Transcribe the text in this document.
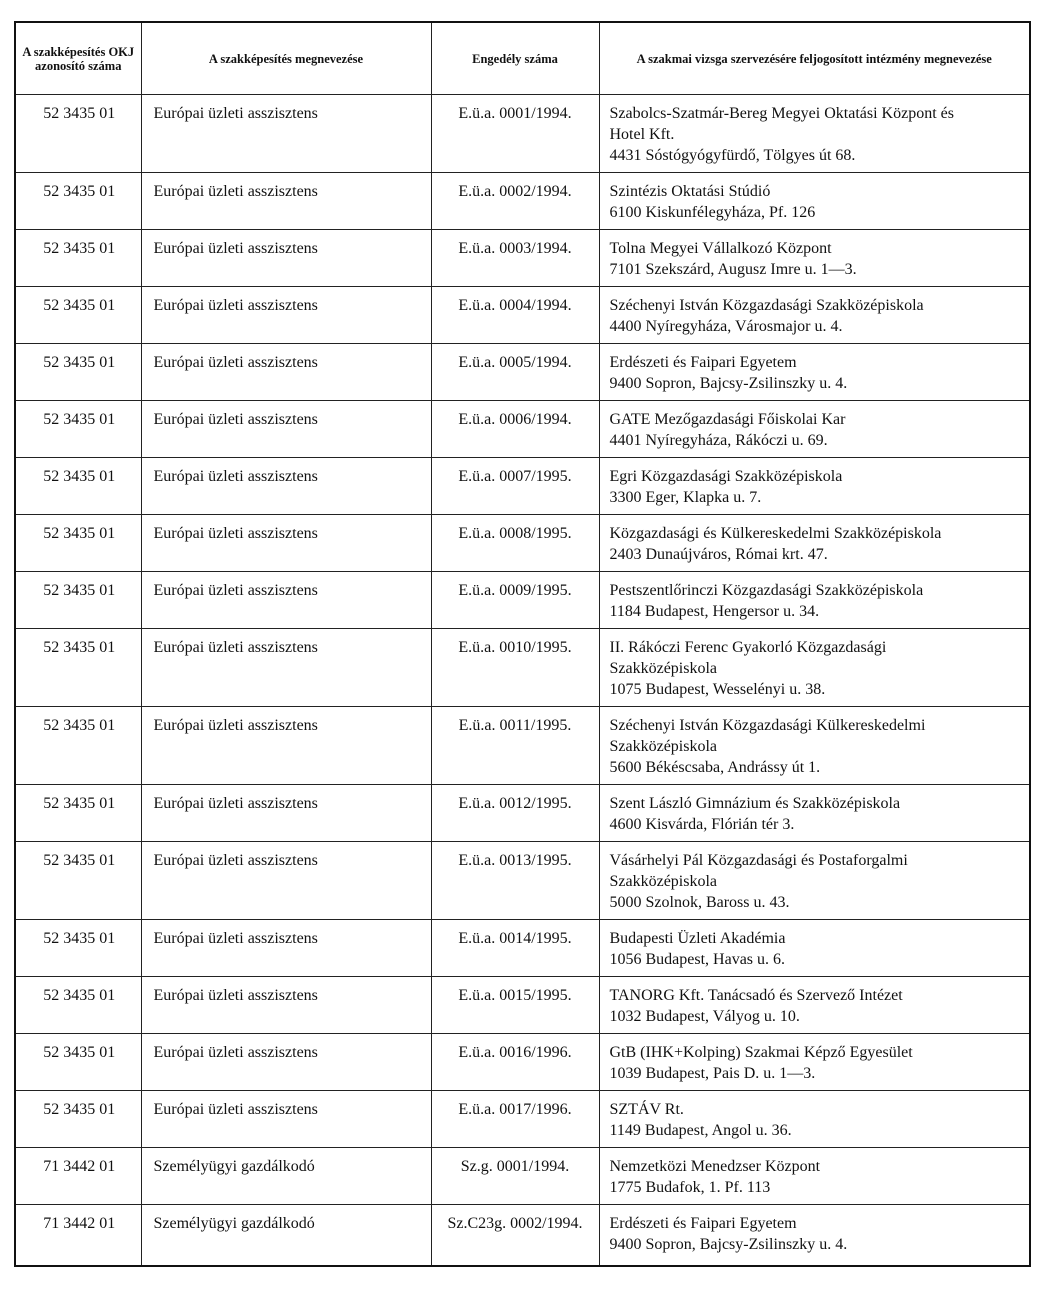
A szakképesítés OKJ azonosító száma	A szakképesítés megnevezése	Engedély száma	A szakmai vizsga szervezésére feljogosított intézmény megnevezése

52 3435 01	Európai üzleti asszisztens	E.ü.a. 0001/1994.	Szabolcs-Szatmár-Bereg Megyei Oktatási Központ és
Hotel Kft.
4431 Sóstógyógyfürdő, Tölgyes út 68.

52 3435 01	Európai üzleti asszisztens	E.ü.a. 0002/1994.	Szintézis Oktatási Stúdió
6100 Kiskunfélegyháza, Pf. 126

52 3435 01	Európai üzleti asszisztens	E.ü.a. 0003/1994.	Tolna Megyei Vállalkozó Központ
7101 Szekszárd, Augusz Imre u. 1—3.

52 3435 01	Európai üzleti asszisztens	E.ü.a. 0004/1994.	Széchenyi István Közgazdasági Szakközépiskola
4400 Nyíregyháza, Városmajor u. 4.

52 3435 01	Európai üzleti asszisztens	E.ü.a. 0005/1994.	Erdészeti és Faipari Egyetem
9400 Sopron, Bajcsy-Zsilinszky u. 4.

52 3435 01	Európai üzleti asszisztens	E.ü.a. 0006/1994.	GATE Mezőgazdasági Főiskolai Kar
4401 Nyíregyháza, Rákóczi u. 69.

52 3435 01	Európai üzleti asszisztens	E.ü.a. 0007/1995.	Egri Közgazdasági Szakközépiskola
3300 Eger, Klapka u. 7.

52 3435 01	Európai üzleti asszisztens	E.ü.a. 0008/1995.	Közgazdasági és Külkereskedelmi Szakközépiskola
2403 Dunaújváros, Római krt. 47.

52 3435 01	Európai üzleti asszisztens	E.ü.a. 0009/1995.	Pestszentlőrinczi Közgazdasági Szakközépiskola
1184 Budapest, Hengersor u. 34.

52 3435 01	Európai üzleti asszisztens	E.ü.a. 0010/1995.	II. Rákóczi Ferenc Gyakorló Közgazdasági
Szakközépiskola
1075 Budapest, Wesselényi u. 38.

52 3435 01	Európai üzleti asszisztens	E.ü.a. 0011/1995.	Széchenyi István Közgazdasági Külkereskedelmi
Szakközépiskola
5600 Békéscsaba, Andrássy út 1.

52 3435 01	Európai üzleti asszisztens	E.ü.a. 0012/1995.	Szent László Gimnázium és Szakközépiskola
4600 Kisvárda, Flórián tér 3.

52 3435 01	Európai üzleti asszisztens	E.ü.a. 0013/1995.	Vásárhelyi Pál Közgazdasági és Postaforgalmi
Szakközépiskola
5000 Szolnok, Baross u. 43.

52 3435 01	Európai üzleti asszisztens	E.ü.a. 0014/1995.	Budapesti Üzleti Akadémia
1056 Budapest, Havas u. 6.

52 3435 01	Európai üzleti asszisztens	E.ü.a. 0015/1995.	TANORG Kft. Tanácsadó és Szervező Intézet
1032 Budapest, Vályog u. 10.

52 3435 01	Európai üzleti asszisztens	E.ü.a. 0016/1996.	GtB (IHK+Kolping) Szakmai Képző Egyesület
1039 Budapest, Pais D. u. 1—3.

52 3435 01	Európai üzleti asszisztens	E.ü.a. 0017/1996.	SZTÁV Rt.
1149 Budapest, Angol u. 36.

71 3442 01	Személyügyi gazdálkodó	Sz.g. 0001/1994.	Nemzetközi Menedzser Központ
1775 Budafok, 1. Pf. 113

71 3442 01	Személyügyi gazdálkodó	Sz.C23g. 0002/1994.	Erdészeti és Faipari Egyetem
9400 Sopron, Bajcsy-Zsilinszky u. 4.
